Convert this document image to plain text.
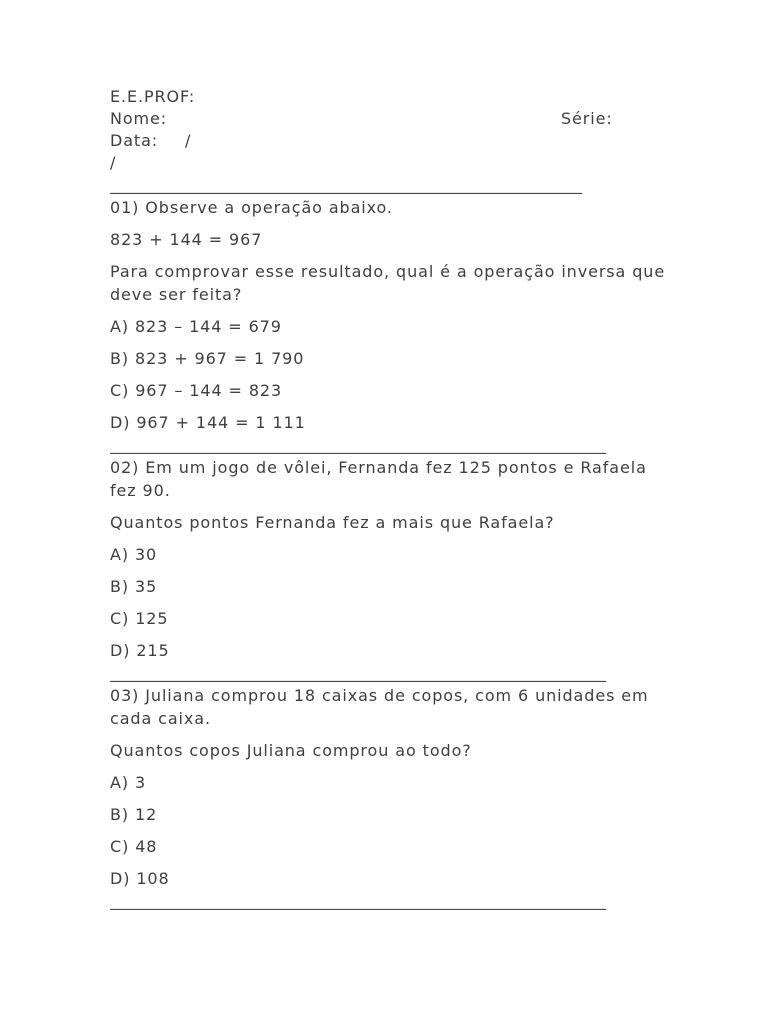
E.E.PROF:
Nome:	Série:
Data: /
/
___________________________________________________________
01) Observe a operação abaixo.
823 + 144 = 967
Para comprovar esse resultado, qual é a operação inversa que deve ser feita?
A) 823 – 144 = 679
B) 823 + 967 = 1 790
C) 967 – 144 = 823
D) 967 + 144 = 1 111
______________________________________________________________
02) Em um jogo de vôlei, Fernanda fez 125 pontos e Rafaela fez 90.
Quantos pontos Fernanda fez a mais que Rafaela?
A) 30
B) 35
C) 125
D) 215
______________________________________________________________
03) Juliana comprou 18 caixas de copos, com 6 unidades em cada caixa.
Quantos copos Juliana comprou ao todo?
A) 3
B) 12
C) 48
D) 108
______________________________________________________________
